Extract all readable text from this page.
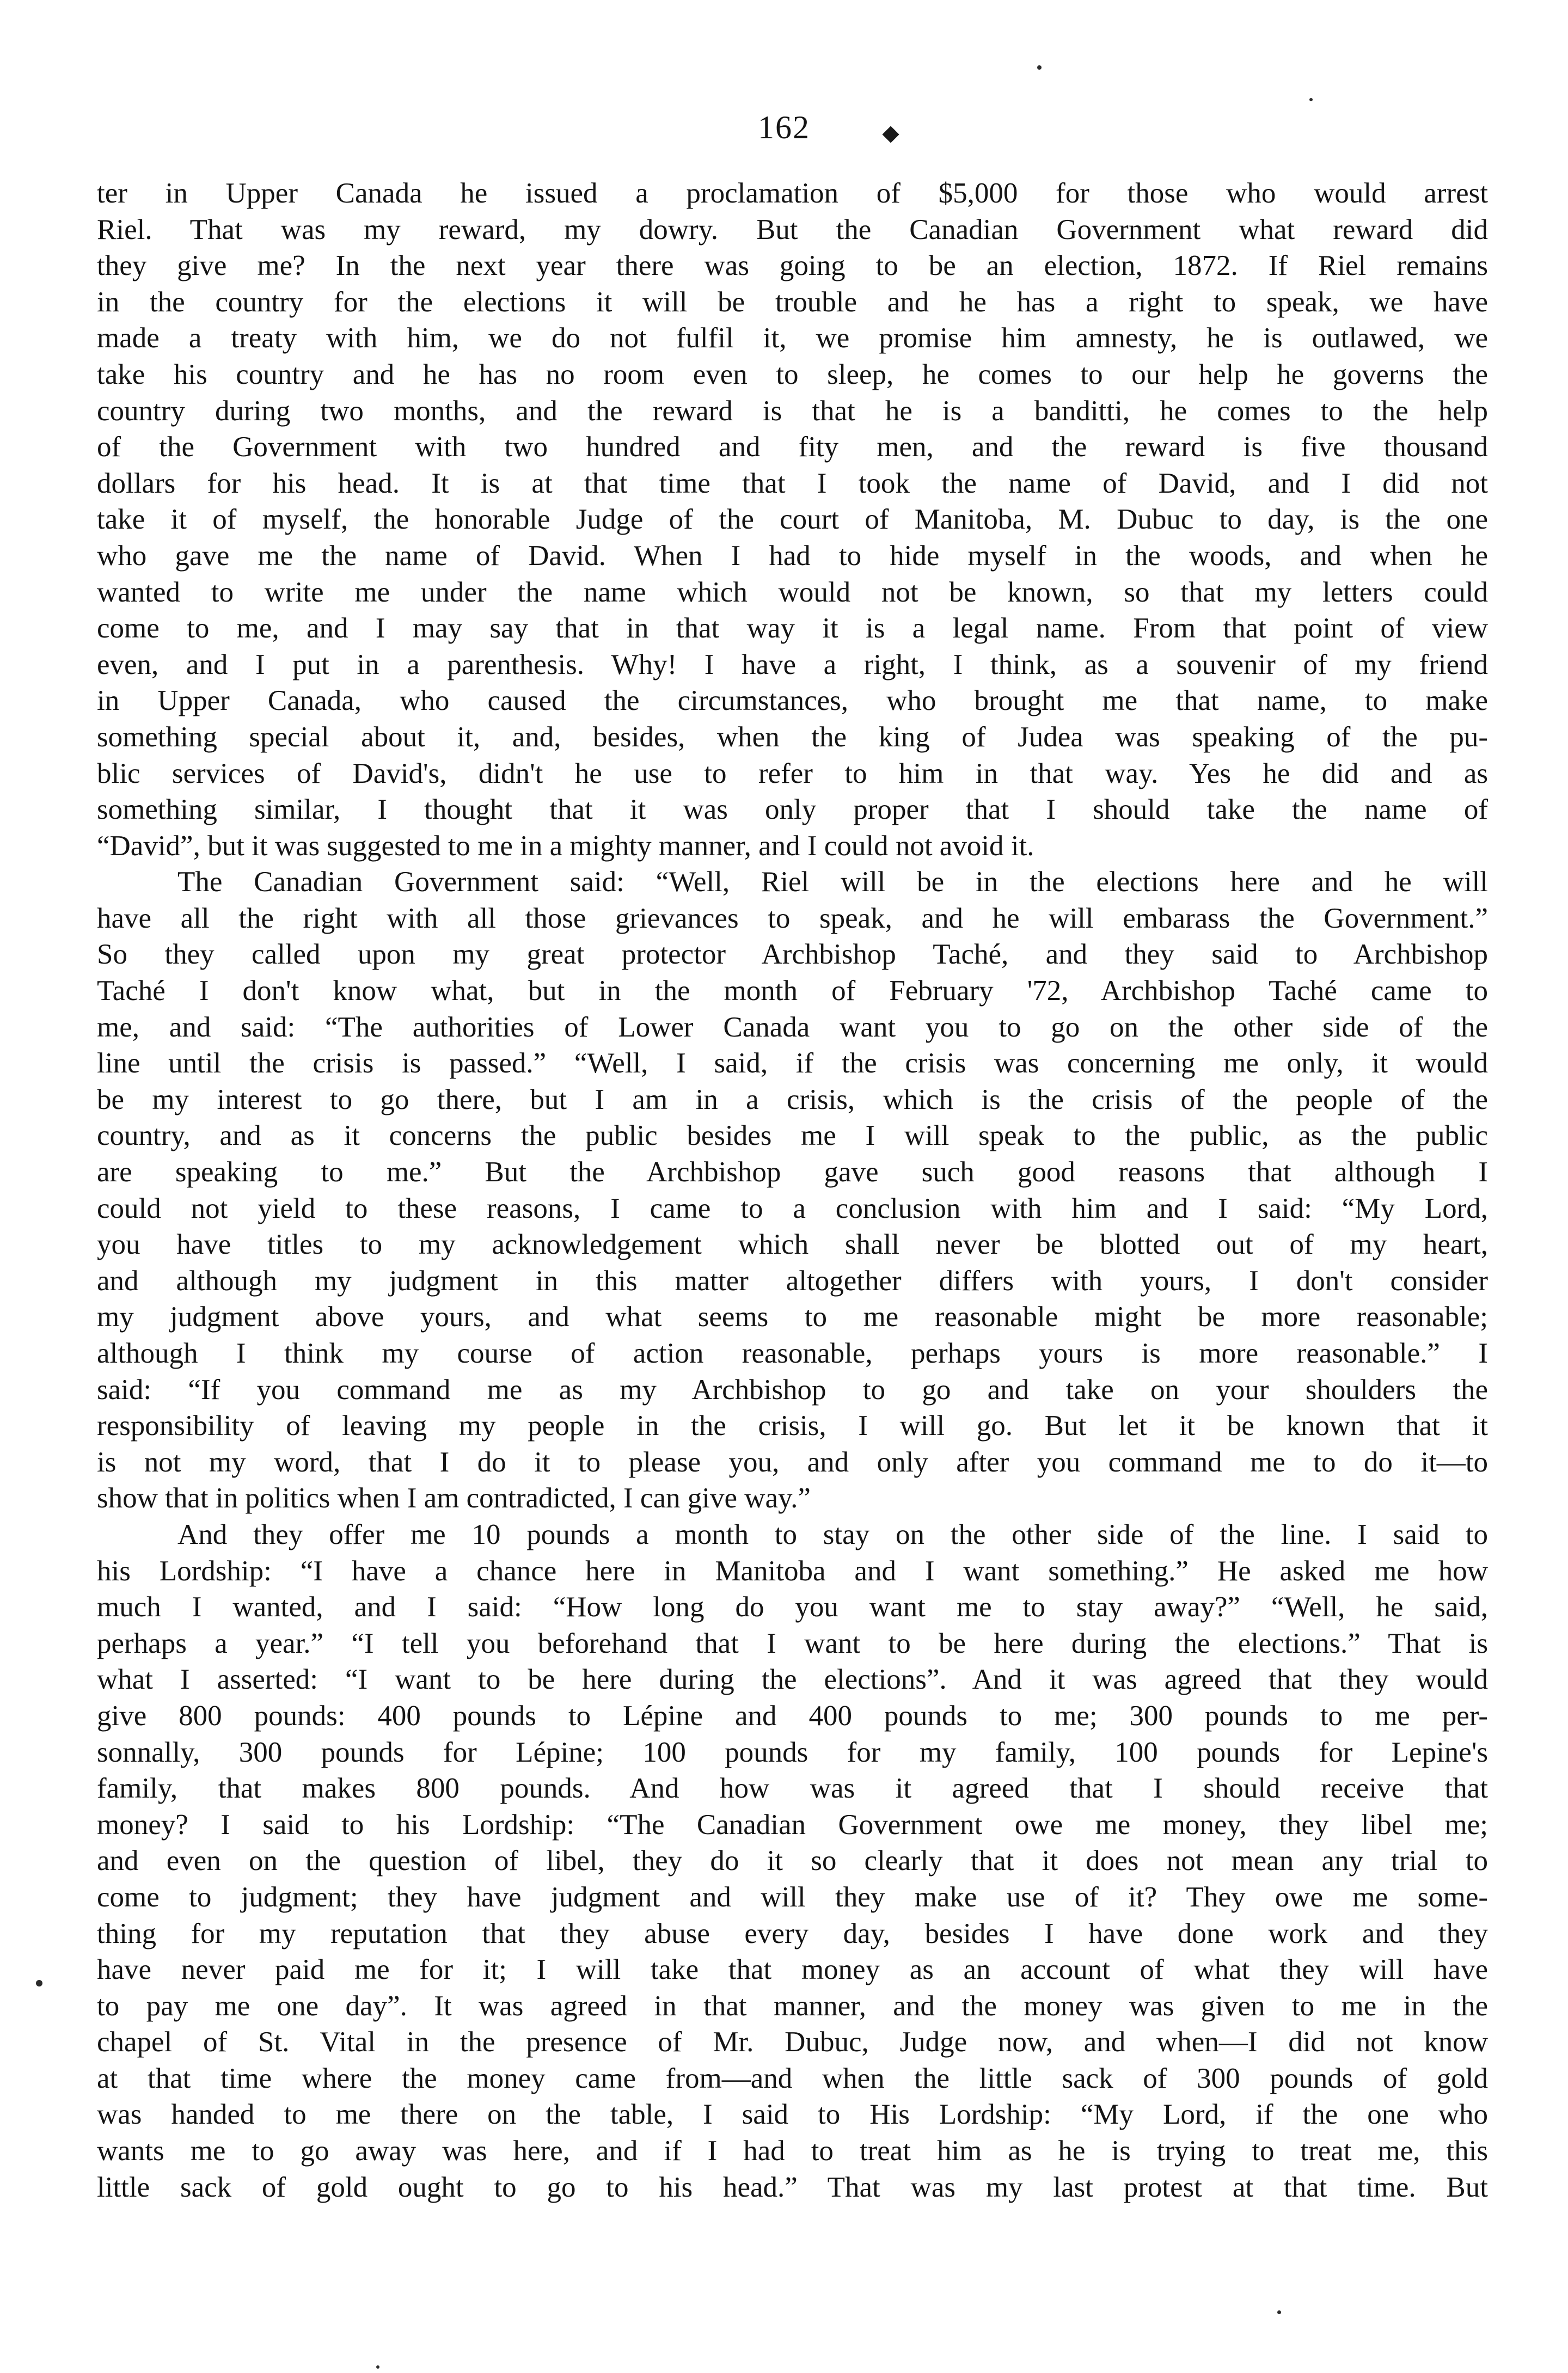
162
ter in Upper Canada he issued a proclamation of $5,000 for those who would arrest
Riel. That was my reward, my dowry. But the Canadian Government what reward did
they give me? In the next year there was going to be an election, 1872. If Riel remains
in the country for the elections it will be trouble and he has a right to speak, we have
made a treaty with him, we do not fulfil it, we promise him amnesty, he is outlawed, we
take his country and he has no room even to sleep, he comes to our help he governs the
country during two months, and the reward is that he is a banditti, he comes to the help
of the Government with two hundred and fity men, and the reward is five thousand
dollars for his head. It is at that time that I took the name of David, and I did not
take it of myself, the honorable Judge of the court of Manitoba, M. Dubuc to day, is the one
who gave me the name of David. When I had to hide myself in the woods, and when he
wanted to write me under the name which would not be known, so that my letters could
come to me, and I may say that in that way it is a legal name. From that point of view
even, and I put in a parenthesis. Why! I have a right, I think, as a souvenir of my friend
in Upper Canada, who caused the circumstances, who brought me that name, to make
something special about it, and, besides, when the king of Judea was speaking of the pu-
blic services of David's, didn't he use to refer to him in that way. Yes he did and as
something similar, I thought that it was only proper that I should take the name of
“David”, but it was suggested to me in a mighty manner, and I could not avoid it.
The Canadian Government said: “Well, Riel will be in the elections here and he will
have all the right with all those grievances to speak, and he will embarass the Government.”
So they called upon my great protector Archbishop Taché, and they said to Archbishop
Taché I don't know what, but in the month of February '72, Archbishop Taché came to
me, and said: “The authorities of Lower Canada want you to go on the other side of the
line until the crisis is passed.” “Well, I said, if the crisis was concerning me only, it would
be my interest to go there, but I am in a crisis, which is the crisis of the people of the
country, and as it concerns the public besides me I will speak to the public, as the public
are speaking to me.” But the Archbishop gave such good reasons that although I
could not yield to these reasons, I came to a conclusion with him and I said: “My Lord,
you have titles to my acknowledgement which shall never be blotted out of my heart,
and although my judgment in this matter altogether differs with yours, I don't consider
my judgment above yours, and what seems to me reasonable might be more reasonable;
although I think my course of action reasonable, perhaps yours is more reasonable.” I
said: “If you command me as my Archbishop to go and take on your shoulders the
responsibility of leaving my people in the crisis, I will go. But let it be known that it
is not my word, that I do it to please you, and only after you command me to do it—to
show that in politics when I am contradicted, I can give way.”
And they offer me 10 pounds a month to stay on the other side of the line. I said to
his Lordship: “I have a chance here in Manitoba and I want something.” He asked me how
much I wanted, and I said: “How long do you want me to stay away?” “Well, he said,
perhaps a year.” “I tell you beforehand that I want to be here during the elections.” That is
what I asserted: “I want to be here during the elections”. And it was agreed that they would
give 800 pounds: 400 pounds to Lépine and 400 pounds to me; 300 pounds to me per-
sonnally, 300 pounds for Lépine; 100 pounds for my family, 100 pounds for Lepine's
family, that makes 800 pounds. And how was it agreed that I should receive that
money? I said to his Lordship: “The Canadian Government owe me money, they libel me;
and even on the question of libel, they do it so clearly that it does not mean any trial to
come to judgment; they have judgment and will they make use of it? They owe me some-
thing for my reputation that they abuse every day, besides I have done work and they
have never paid me for it; I will take that money as an account of what they will have
to pay me one day”. It was agreed in that manner, and the money was given to me in the
chapel of St. Vital in the presence of Mr. Dubuc, Judge now, and when—I did not know
at that time where the money came from—and when the little sack of 300 pounds of gold
was handed to me there on the table, I said to His Lordship: “My Lord, if the one who
wants me to go away was here, and if I had to treat him as he is trying to treat me, this
little sack of gold ought to go to his head.” That was my last protest at that time. But
